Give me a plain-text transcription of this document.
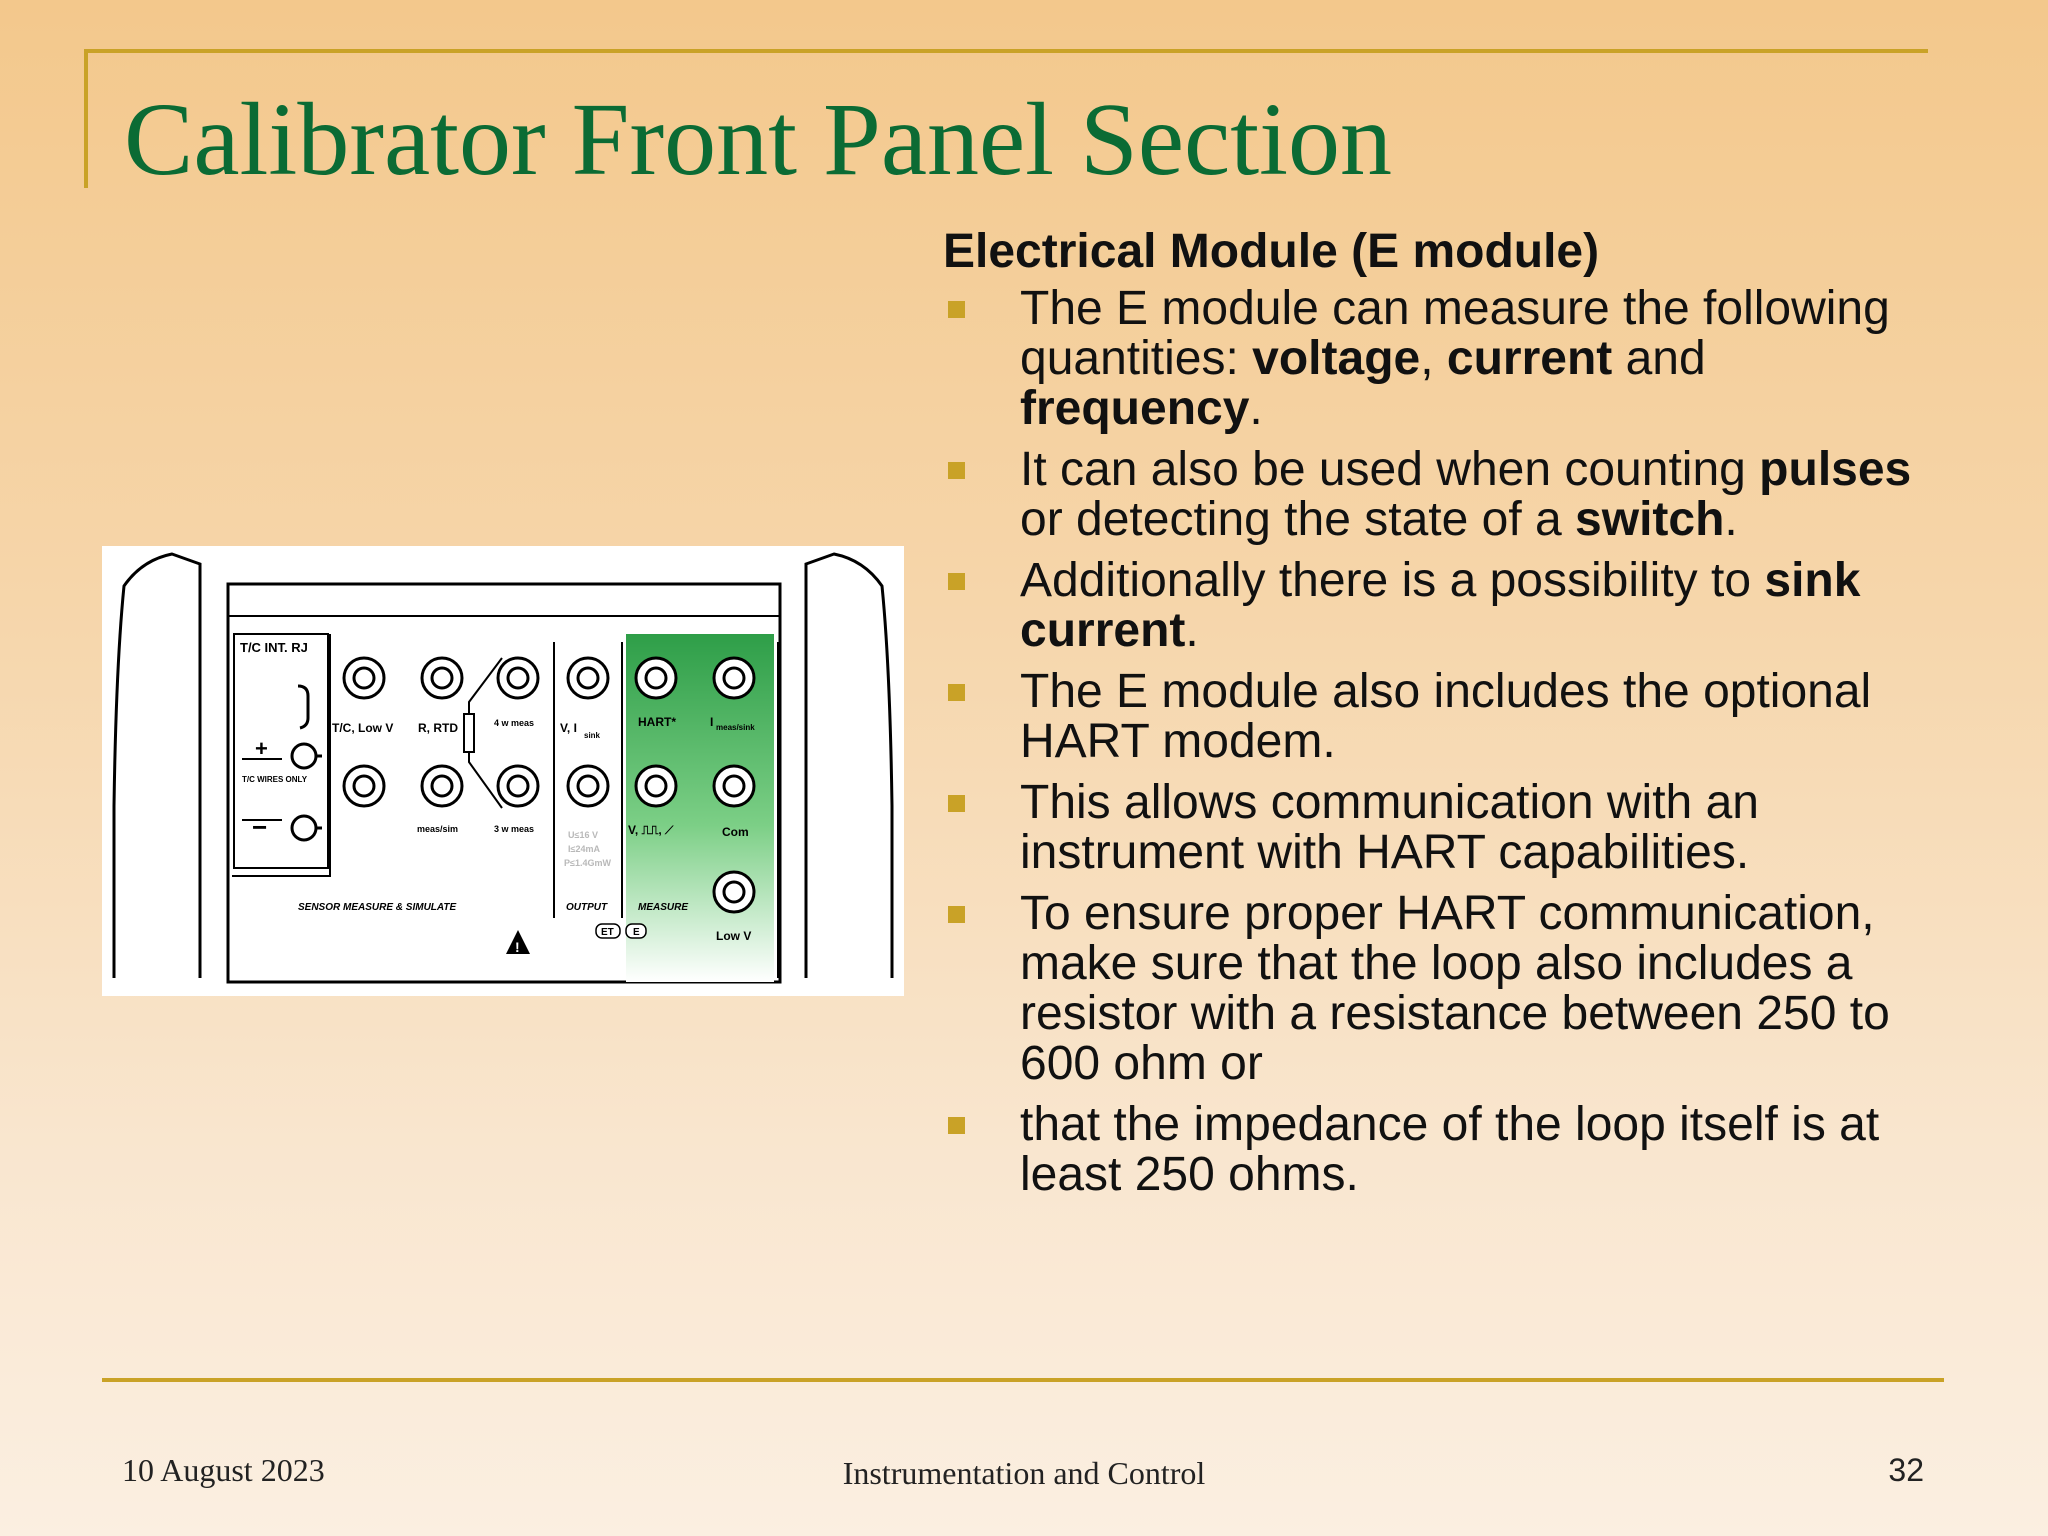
Calibrator Front Panel Section
T/C INT. RJ
+
T/C WIRES ONLY
−
T/C, Low V R, RTD	4 w meas V, I
sink
HART*	I meas/sink
meas/sim	3 w meas
U≤16 V
I≤24mA
P≤1.4GmW
V, ⎍⎍, ⟋	Com
SENSOR MEASURE & SIMULATE	OUTPUT	MEASURE
Low V
ET E
!
Electrical Module (E module)
The E module can measure the following quantities: voltage, current and frequency.
It can also be used when counting pulses or detecting the state of a switch.
Additionally there is a possibility to sink current.
The E module also includes the optional HART modem.
This allows communication with an instrument with HART capabilities.
To ensure proper HART communication, make sure that the loop also includes a resistor with a resistance between 250 to 600 ohm or
that the impedance of the loop itself is at least 250 ohms.
10 August 2023	Instrumentation and Control	32
